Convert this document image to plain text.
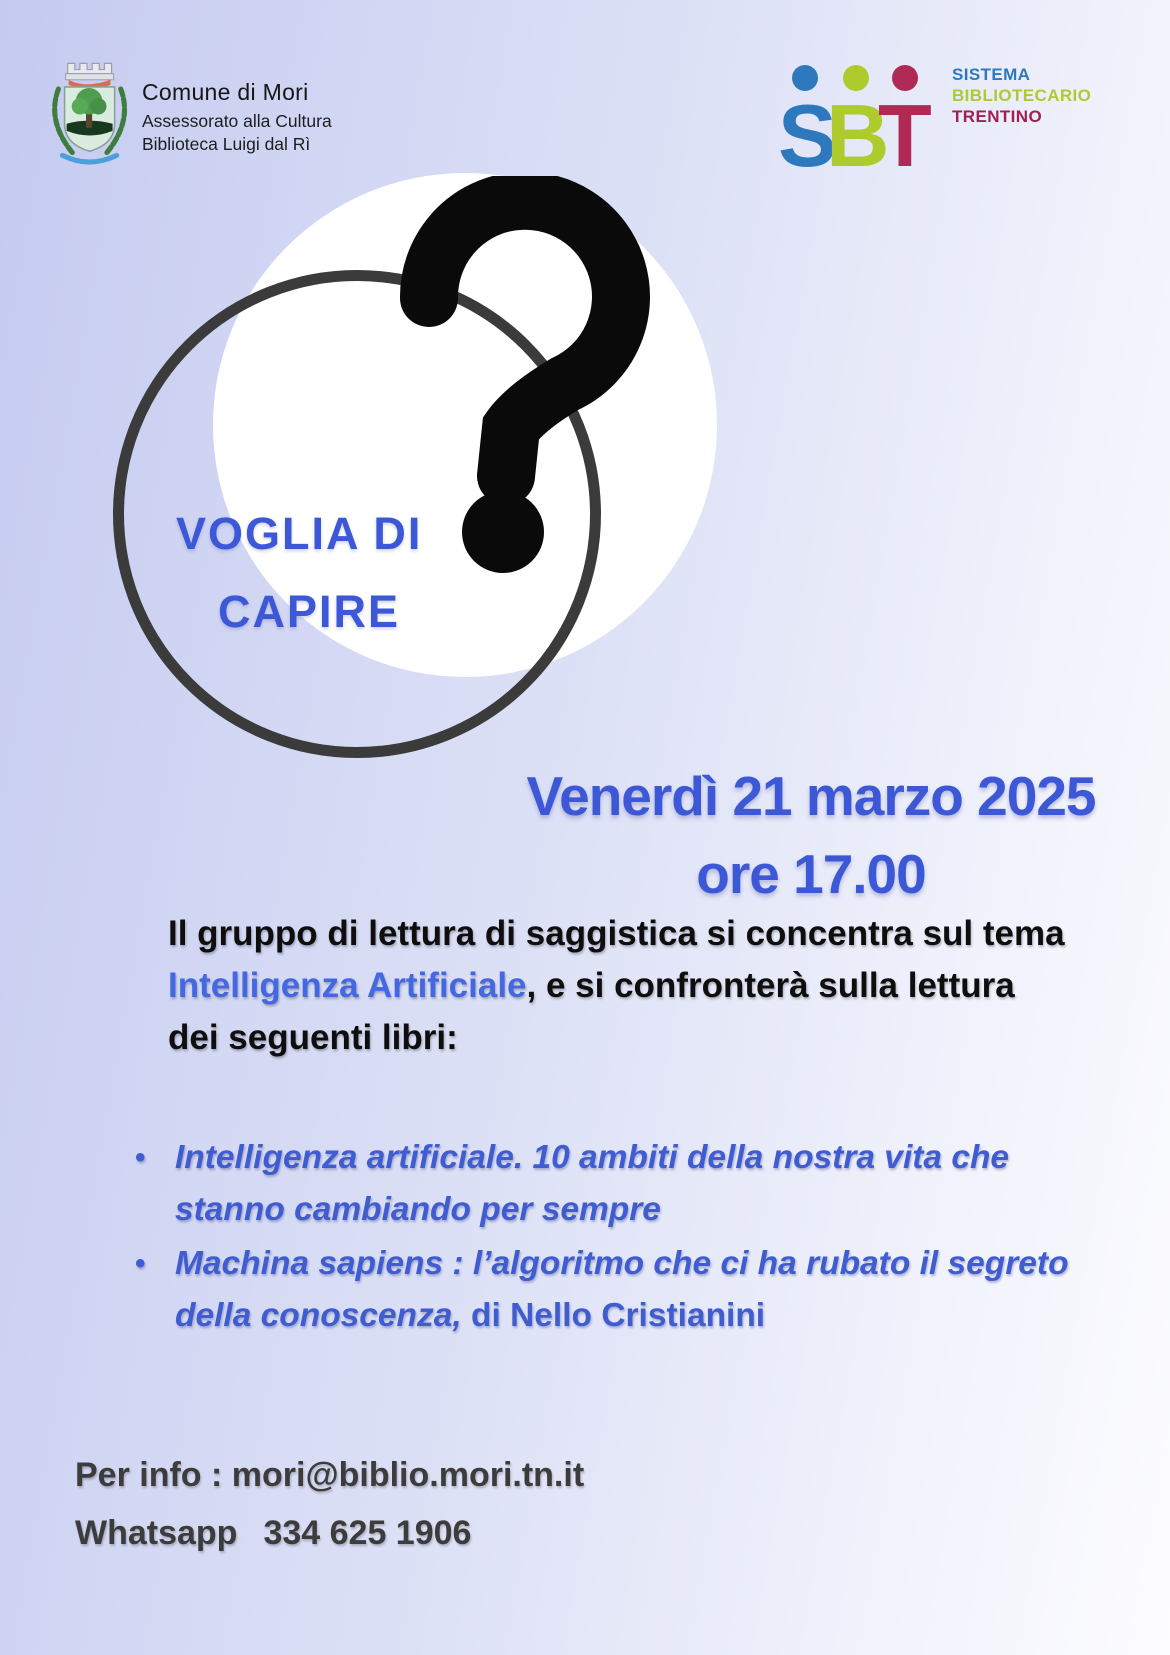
Comune di Mori
Assessorato alla Cultura
Biblioteca Luigi dal Rì	S
B
T
SISTEMA
BIBLIOTECARIO
TRENTINO
VOGLIA DI
CAPIRE
Venerdì 21 marzo 2025
ore 17.00
Il gruppo di lettura di saggistica si concentra sul tema Intelligenza Artificiale, e si confronterà sulla lettura dei seguenti libri:
• Intelligenza artificiale. 10 ambiti della nostra vita che stanno cambiando per sempre
• Machina sapiens : l’algoritmo che ci ha rubato il segreto della conoscenza, di Nello Cristianini
Per info : mori@biblio.mori.tn.it
Whatsapp 334 625 1906
